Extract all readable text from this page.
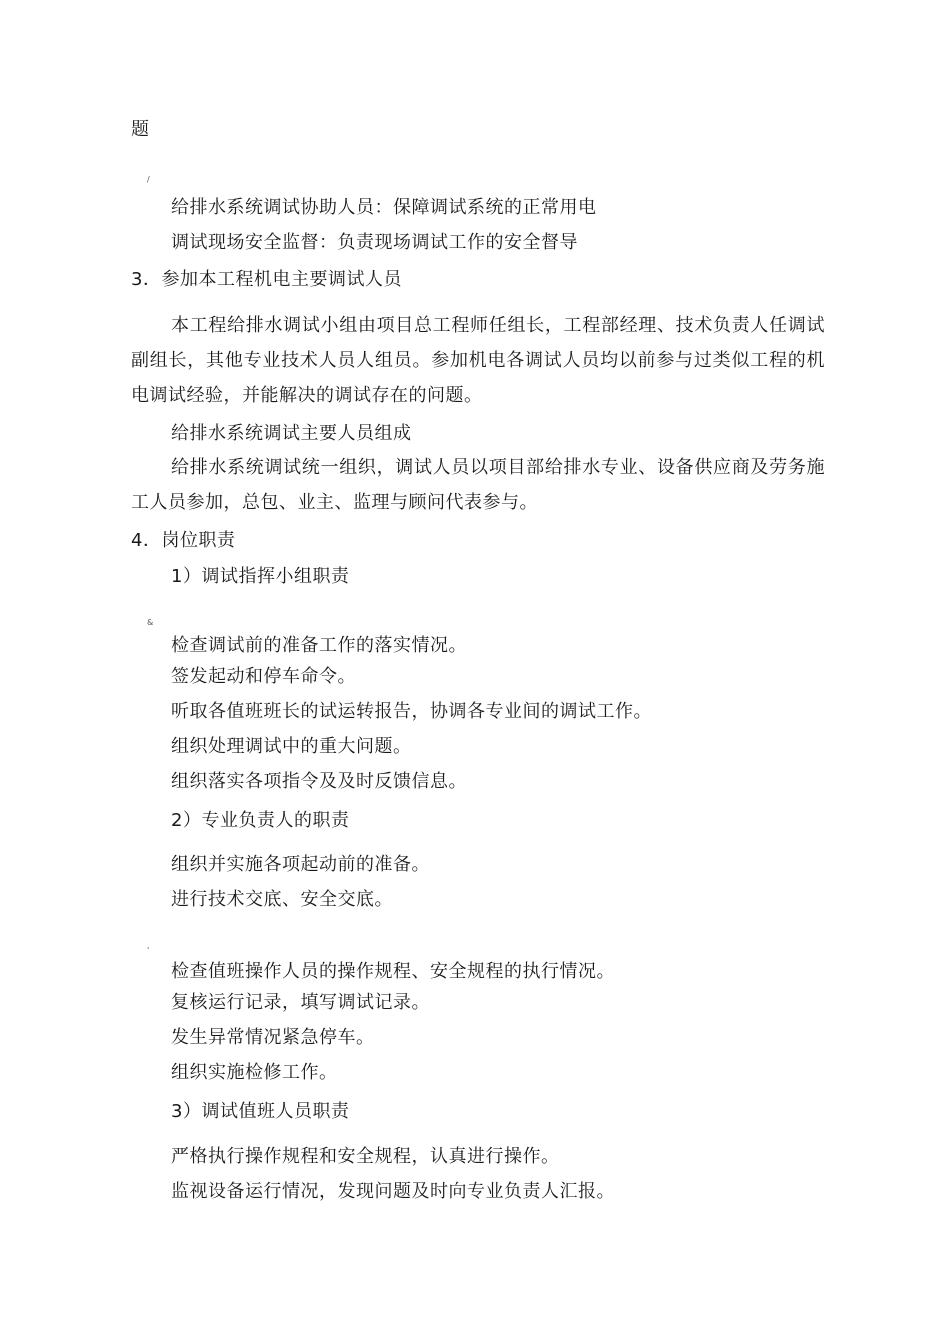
题
/
给排水系统调试协助人员：保障调试系统的正常用电
调试现场安全监督：负责现场调试工作的安全督导
3．参加本工程机电主要调试人员
本工程给排水调试小组由项目总工程师任组长，工程部经理、技术负责人任调试副组长，其他专业技术人员人组员。参加机电各调试人员均以前参与过类似工程的机电调试经验，并能解决的调试存在的问题。
给排水系统调试主要人员组成
给排水系统调试统一组织，调试人员以项目部给排水专业、设备供应商及劳务施工人员参加，总包、业主、监理与顾问代表参与。
4．岗位职责
1）调试指挥小组职责
&
检查调试前的准备工作的落实情况。
签发起动和停车命令。
听取各值班班长的试运转报告，协调各专业间的调试工作。
组织处理调试中的重大问题。
组织落实各项指令及及时反馈信息。
2）专业负责人的职责
组织并实施各项起动前的准备。
进行技术交底、安全交底。
'
检查值班操作人员的操作规程、安全规程的执行情况。
复核运行记录，填写调试记录。
发生异常情况紧急停车。
组织实施检修工作。
3）调试值班人员职责
严格执行操作规程和安全规程，认真进行操作。
监视设备运行情况，发现问题及时向专业负责人汇报。
